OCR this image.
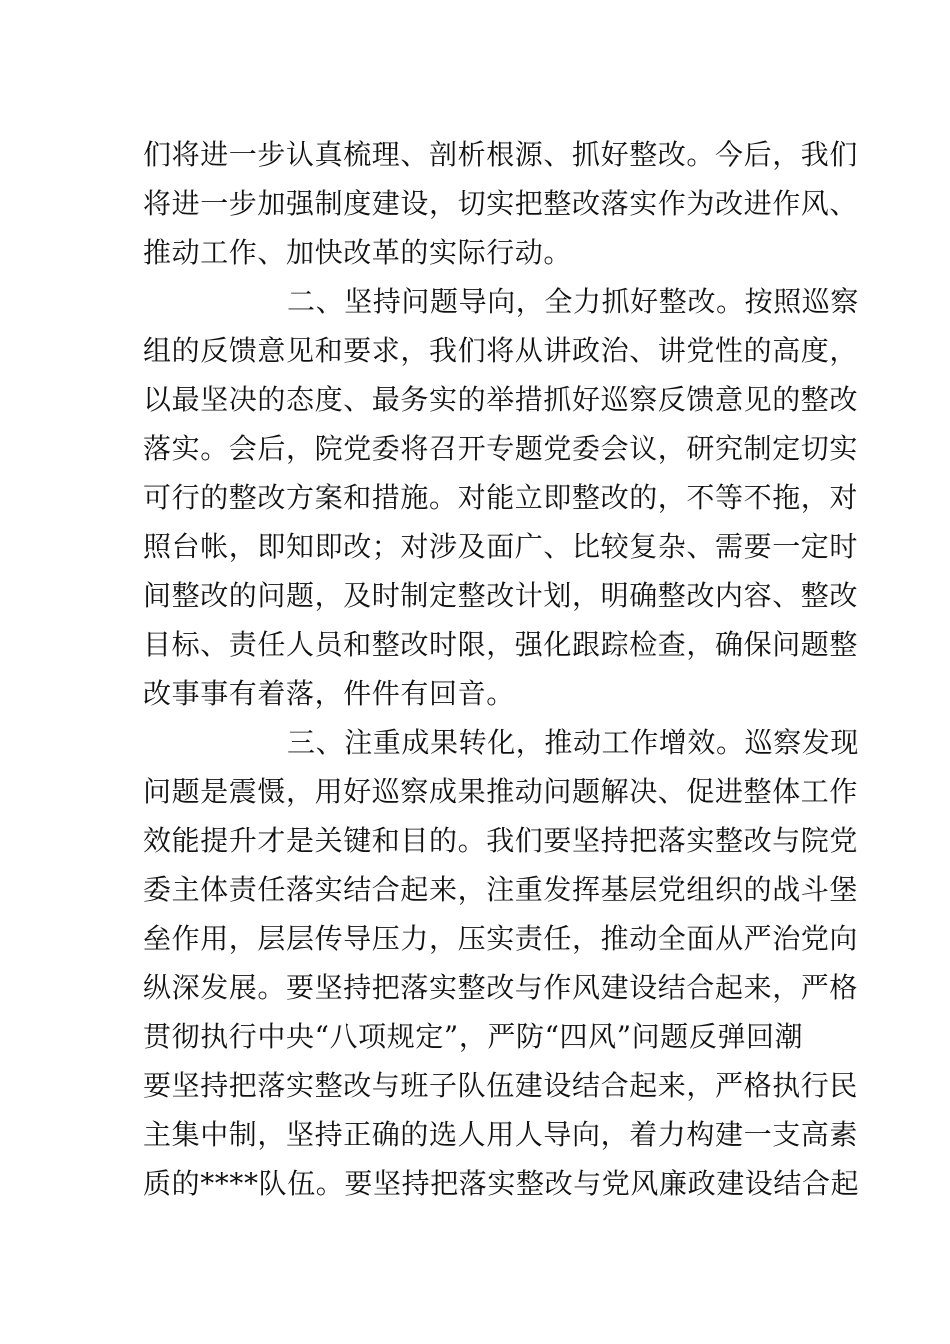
们将进一步认真梳理、剖析根源、抓好整改。今后，我们
将进一步加强制度建设，切实把整改落实作为改进作风、
推动工作、加快改革的实际行动。
二、坚持问题导向，全力抓好整改。按照巡察
组的反馈意见和要求，我们将从讲政治、讲党性的高度，
以最坚决的态度、最务实的举措抓好巡察反馈意见的整改
落实。会后，院党委将召开专题党委会议，研究制定切实
可行的整改方案和措施。对能立即整改的，不等不拖，对
照台帐，即知即改；对涉及面广、比较复杂、需要一定时
间整改的问题，及时制定整改计划，明确整改内容、整改
目标、责任人员和整改时限，强化跟踪检查，确保问题整
改事事有着落，件件有回音。
三、注重成果转化，推动工作增效。巡察发现
问题是震慑，用好巡察成果推动问题解决、促进整体工作
效能提升才是关键和目的。我们要坚持把落实整改与院党
委主体责任落实结合起来，注重发挥基层党组织的战斗堡
垒作用，层层传导压力，压实责任，推动全面从严治党向
纵深发展。要坚持把落实整改与作风建设结合起来，严格
贯彻执行中央“八项规定”，严防“四风”问题反弹回潮
要坚持把落实整改与班子队伍建设结合起来，严格执行民
主集中制，坚持正确的选人用人导向，着力构建一支高素
质的****队伍。要坚持把落实整改与党风廉政建设结合起
